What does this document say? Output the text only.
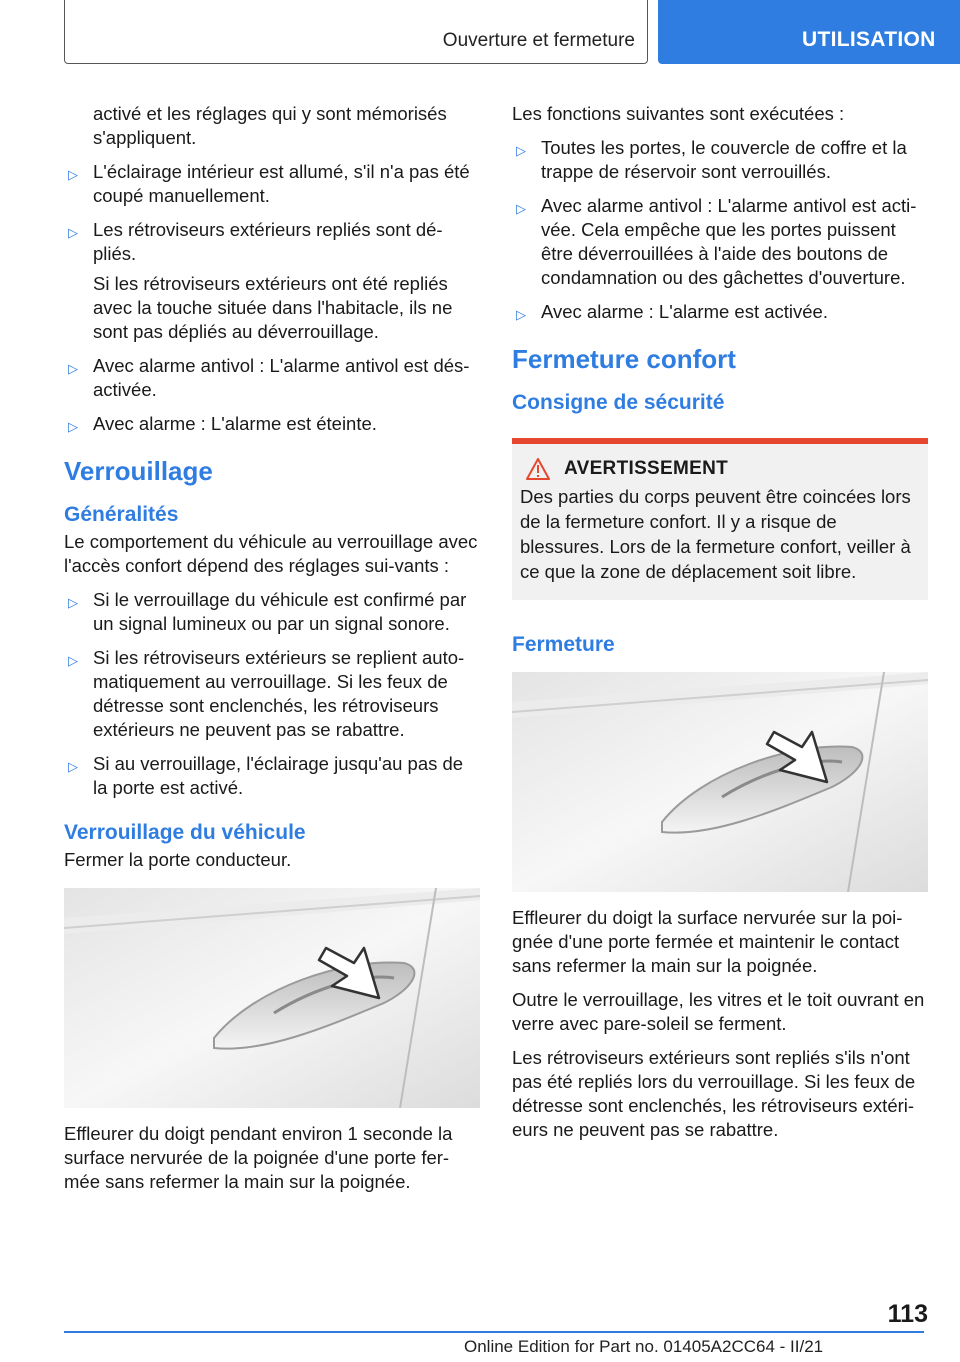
Ouverture et fermeture	UTILISATION

activé et les réglages qui y sont mémorisés s'appliquent.

▷ L'éclairage intérieur est allumé, s'il n'a pas été coupé manuellement.
▷ Les rétroviseurs extérieurs repliés sont dé-pliés.

Si les rétroviseurs extérieurs ont été repliés avec la touche située dans l'habitacle, ils ne sont pas dépliés au déverrouillage.

▷ Avec alarme antivol : L'alarme antivol est dés-activée.
▷ Avec alarme : L'alarme est éteinte.
Verrouillage
Généralités

Le comportement du véhicule au verrouillage avec l'accès confort dépend des réglages sui-vants :

▷ Si le verrouillage du véhicule est confirmé par un signal lumineux ou par un signal sonore.
▷ Si les rétroviseurs extérieurs se replient auto-matiquement au verrouillage. Si les feux de détresse sont enclenchés, les rétroviseurs extérieurs ne peuvent pas se rabattre.
▷ Si au verrouillage, l'éclairage jusqu'au pas de la porte est activé.
Verrouillage du véhicule

Fermer la porte conducteur.

Effleurer du doigt pendant environ 1 seconde la surface nervurée de la poignée d'une porte fer-mée sans refermer la main sur la poignée.

Les fonctions suivantes sont exécutées :

▷ Toutes les portes, le couvercle de coffre et la trappe de réservoir sont verrouillés.
▷ Avec alarme antivol : L'alarme antivol est acti-vée. Cela empêche que les portes puissent être déverrouillées à l'aide des boutons de condamnation ou des gâchettes d'ouverture.
▷ Avec alarme : L'alarme est activée.
Fermeture confort
Consigne de sécurité
AVERTISSEMENT

Des parties du corps peuvent être coincées lors de la fermeture confort. Il y a risque de blessures. Lors de la fermeture confort, veiller à ce que la zone de déplacement soit libre.

Fermeture

Effleurer du doigt la surface nervurée sur la poi-gnée d'une porte fermée et maintenir le contact sans refermer la main sur la poignée.

Outre le verrouillage, les vitres et le toit ouvrant en verre avec pare-soleil se ferment.

Les rétroviseurs extérieurs sont repliés s'ils n'ont pas été repliés lors du verrouillage. Si les feux de détresse sont enclenchés, les rétroviseurs extéri-eurs ne peuvent pas se rabattre.

113
Online Edition for Part no. 01405A2CC64 - II/21
